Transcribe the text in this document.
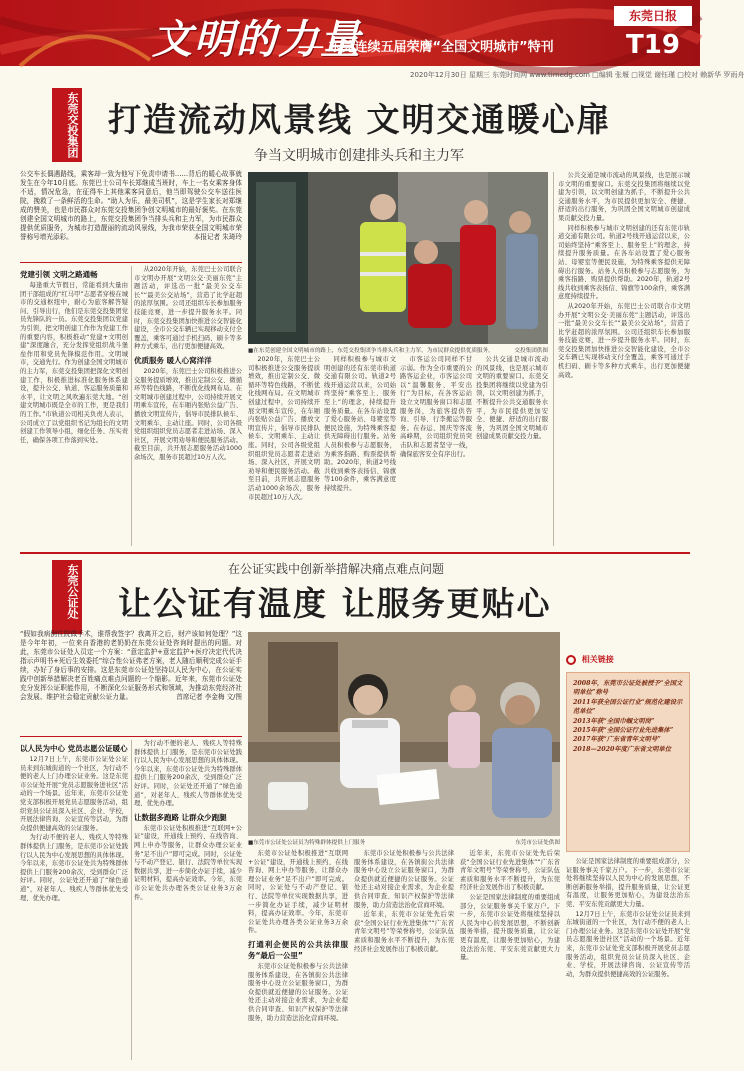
文明的力量
—— 东莞连续五届荣膺“全国文明城市”特刊
东莞日报
T19
2020年12月30日 星期三 东莞时间网 www.timedg.com □编辑 张堰 □视觉 谢钰瑾 □校对 赖新华 罗雨舟
东莞交投集团 打造流动风景线 文明交通暖心扉
争当文明城市创建排头兵和主力军
公交车长偶遇路线，乘客却一致为他写下免责申请书……背后的暖心故事就发生在今年10月底。东莞巴士公司车长郑继成当班时，车上一名女乘客身体不适，情况危急，在征得车上其他乘客同意后，他当即驾驶公交车送往医院，挽救了一条鲜活的生命。“助人为乐，最美司机”，这是学生家长对郑继成的赞美，也是市民群众对东莞交投集团争创文明城市的最好褒奖。在东莞创建全国文明城市的路上，东莞交投集团争当排头兵和主力军，为市民群众提供优质服务，为城市打造靓丽的流动风景线，为我市荣获全国文明城市荣誉称号增光添彩。	本报记者 朱琦玲
党建引领 文明之路通畅

每逢重大节假日，常能看到大量由团干部组成的“红马甲”志愿者穿梭在城市的交通枢纽中，耐心为旅客解答疑问、引导出行，他们是东莞交投集团党员先锋队的一员。东莞交投集团以党建为引领，把文明创建工作作为党建工作的重要内容，积极推动“党建+文明创建”深度融合，充分发挥党组织战斗堡垒作用和党员先锋模范作用。文明城市，交通先行。作为创建全国文明城市的主力军，东莞交投集团把深化文明创建工作，积极推进标准化服务体系建设，提升公交、轨道、客运服务质量和水平，让文明之风吹遍东莞大地。“创建文明城市既是全市的工作，更是我们的工作。”市轨道公司相关负责人表示，公司成立了以党组织书记为组长的文明创建工作领导小组，细化任务、压实责任，确保各项工作落到实处。

从2020年开始，东莞巴士公司联合市文明办开展“文明公交·美丽东莞”主题活动，评选出一批“最美公交车长”“最美公交站场”，营造了比学赶超的浓厚氛围。公司还组织车长参加服务技能竞赛，进一步提升服务水平。同时，东莞交投集团加快推进公交智能化建设，全市公交车辆已实现移动支付全覆盖，乘客可通过手机扫码、刷卡等多种方式乘车，出行更加便捷高效。

优质服务 暖人心窝洋洋

2020年，东莞巴士公司积极推进公交服务提质增效，推出定制公交、微循环等特色线路，不断优化线网布局。在文明城市创建过程中，公司持续开展文明乘车宣传，在车厢内张贴公益广告、播放文明宣传片，倡导市民排队候车、文明乘车、主动让座。同时，公司各级党组织组织党员志愿者走进站场、深入社区，开展文明劝导和便民服务活动。截至目前，共开展志愿服务活动1000余场次，服务市民超过10万人次。

■在东莞创建全国文明城市的路上，东莞交投集团争当排头兵和主力军，为市民群众提供优质服务。	交投集团供图

2020年，东莞巴士公司积极推进公交服务提质增效，推出定制公交、微循环等特色线路，不断优化线网布局。在文明城市创建过程中，公司持续开展文明乘车宣传，在车厢内张贴公益广告、播放文明宣传片，倡导市民排队候车、文明乘车、主动让座。同时，公司各级党组织组织党员志愿者走进站场、深入社区，开展文明劝导和便民服务活动。截至目前，共开展志愿服务活动1000余场次，服务市民超过10万人次。

同样积极参与城市文明创建的还有东莞市轨道交通有限公司。轨道2号线开通运营以来，公司始终坚持“乘客至上、服务至上”的理念，持续提升服务质量。在各车站设置了爱心服务站、母婴室等便民设施，为特殊乘客提供无障碍出行服务。站务人员积极参与志愿服务，为乘客指路、购票提供帮助。2020年，轨道2号线共收到乘客表扬信、锦旗等100余件，乘客满意度持续提升。

市客运公司同样不甘示弱。作为全市重要的公路客运企业，市客运公司以“温馨服务、平安出行”为目标，在各客运站设立文明服务窗口和志愿服务岗，为旅客提供咨询、引导、行李搬运等服务。在春运、国庆等客流高峰期，公司组织党员突击队和志愿者坚守一线，确保旅客安全有序出行。

公共交通是城市流动的风景线，也是展示城市文明的重要窗口。东莞交投集团将继续以党建为引领，以文明创建为抓手，不断提升公共交通服务水平，为市民提供更加安全、便捷、舒适的出行服务，为巩固全国文明城市创建成果贡献交投力量。

公共交通是城市流动的风景线，也是展示城市文明的重要窗口。东莞交投集团将继续以党建为引领，以文明创建为抓手，不断提升公共交通服务水平，为市民提供更加安全、便捷、舒适的出行服务，为巩固全国文明城市创建成果贡献交投力量。

同样积极参与城市文明创建的还有东莞市轨道交通有限公司。轨道2号线开通运营以来，公司始终坚持“乘客至上、服务至上”的理念，持续提升服务质量。在各车站设置了爱心服务站、母婴室等便民设施，为特殊乘客提供无障碍出行服务。站务人员积极参与志愿服务，为乘客指路、购票提供帮助。2020年，轨道2号线共收到乘客表扬信、锦旗等100余件，乘客满意度持续提升。

从2020年开始，东莞巴士公司联合市文明办开展“文明公交·美丽东莞”主题活动，评选出一批“最美公交车长”“最美公交站场”，营造了比学赶超的浓厚氛围。公司还组织车长参加服务技能竞赛，进一步提升服务水平。同时，东莞交投集团加快推进公交智能化建设，全市公交车辆已实现移动支付全覆盖，乘客可通过手机扫码、刷卡等多种方式乘车，出行更加便捷高效。

东莞公证处	在公证实践中创新举措解决痛点难点问题
让公证有温度 让服务更贴心
“假如我病倒住院做手术，谁帮我签字？我离开之后，财产该如何处理？”这是今年年初，一位来自香港的老奶奶在东莞公证处咨询时提出的问题。对此，东莞市公证处人员定一个方案：“意定监护+意定监护+医疗决定代代决指示声明书+死后生效委托”综合性公证弗老方案，老人随后顺利完成公证手续，办好了身后事的安排。这是东莞市公证处坚持以人民为中心，在公证实践中创新举措解决老百姓痛点难点问题的一个缩影。近年来，东莞市公证处充分发挥公证职能作用，不断深化公证服务形式和领域，为推动东莞经济社会发展、维护社会稳定贡献公证力量。	首席记者 李金梅 文/图
■东莞市公证处公证员为特殊群体提供上门服务	东莞市公证处供图
相关链接
2008年，东莞市公证处被授予“全国文明单位”称号
2011年获全国公证行业“规范化建设示范单位”
2013年获“全国巾帼文明岗”
2015年获“全国公证行业先进集体”
2017年获“广东省青年文明号”
2018—2020年度广东省文明单位
以人民为中心 党员志愿公证暖心

12月7日上午，东莞市公证处公证员来到东城街道的一个社区，为行动不便的老人上门办理公证业务。这是东莞市公证处开展“党员志愿服务进社区”活动的一个场景。近年来，东莞市公证处党支部积极开展党员志愿服务活动，组织党员公证员深入社区、企业、学校，开展法律咨询、公证宣传等活动，为群众提供便捷高效的公证服务。

为行动不便的老人、残疾人等特殊群体提供上门服务，是东莞市公证处践行以人民为中心发展思想的具体体现。今年以来，东莞市公证处共为特殊群体提供上门服务200余次，受到群众广泛好评。同时，公证处还开通了“绿色通道”，对老年人、残疾人等群体优先受理、优先办理。

为行动不便的老人、残疾人等特殊群体提供上门服务，是东莞市公证处践行以人民为中心发展思想的具体体现。今年以来，东莞市公证处共为特殊群体提供上门服务200余次，受到群众广泛好评。同时，公证处还开通了“绿色通道”，对老年人、残疾人等群体优先受理、优先办理。

让数据多跑路 让群众少跑腿

东莞市公证处积极推进“互联网+公证”建设，开通线上预约、在线咨询、网上申办等服务，让群众办理公证业务“足不出户”即可完成。同时，公证处与不动产登记、银行、法院等单位实现数据共享，进一步简化办证手续，减少证明材料，提高办证效率。今年，东莞市公证处共办理各类公证业务3万余件。

东莞市公证处积极推进“互联网+公证”建设，开通线上预约、在线咨询、网上申办等服务，让群众办理公证业务“足不出户”即可完成。同时，公证处与不动产登记、银行、法院等单位实现数据共享，进一步简化办证手续，减少证明材料，提高办证效率。今年，东莞市公证处共办理各类公证业务3万余件。

打通利企便民的公共法律服务“最后一公里”

东莞市公证处积极参与公共法律服务体系建设，在各镇街公共法律服务中心设立公证服务窗口，为群众提供就近便捷的公证服务。公证处还主动对接企业需求，为企业提供合同审查、知识产权保护等法律服务，助力营造法治化营商环境。

东莞市公证处积极参与公共法律服务体系建设，在各镇街公共法律服务中心设立公证服务窗口，为群众提供就近便捷的公证服务。公证处还主动对接企业需求，为企业提供合同审查、知识产权保护等法律服务，助力营造法治化营商环境。

近年来，东莞市公证处先后荣获“全国公证行业先进集体”“广东省青年文明号”等荣誉称号，公证队伍素质和服务水平不断提升，为东莞经济社会发展作出了积极贡献。

近年来，东莞市公证处先后荣获“全国公证行业先进集体”“广东省青年文明号”等荣誉称号，公证队伍素质和服务水平不断提升，为东莞经济社会发展作出了积极贡献。

公证是国家法律制度的重要组成部分，公证服务事关千家万户。下一步，东莞市公证处将继续坚持以人民为中心的发展思想，不断创新服务举措，提升服务质量，让公证更有温度，让服务更加贴心，为建设法治东莞、平安东莞贡献更大力量。

公证是国家法律制度的重要组成部分，公证服务事关千家万户。下一步，东莞市公证处将继续坚持以人民为中心的发展思想，不断创新服务举措，提升服务质量，让公证更有温度，让服务更加贴心，为建设法治东莞、平安东莞贡献更大力量。

12月7日上午，东莞市公证处公证员来到东城街道的一个社区，为行动不便的老人上门办理公证业务。这是东莞市公证处开展“党员志愿服务进社区”活动的一个场景。近年来，东莞市公证处党支部积极开展党员志愿服务活动，组织党员公证员深入社区、企业、学校，开展法律咨询、公证宣传等活动，为群众提供便捷高效的公证服务。
